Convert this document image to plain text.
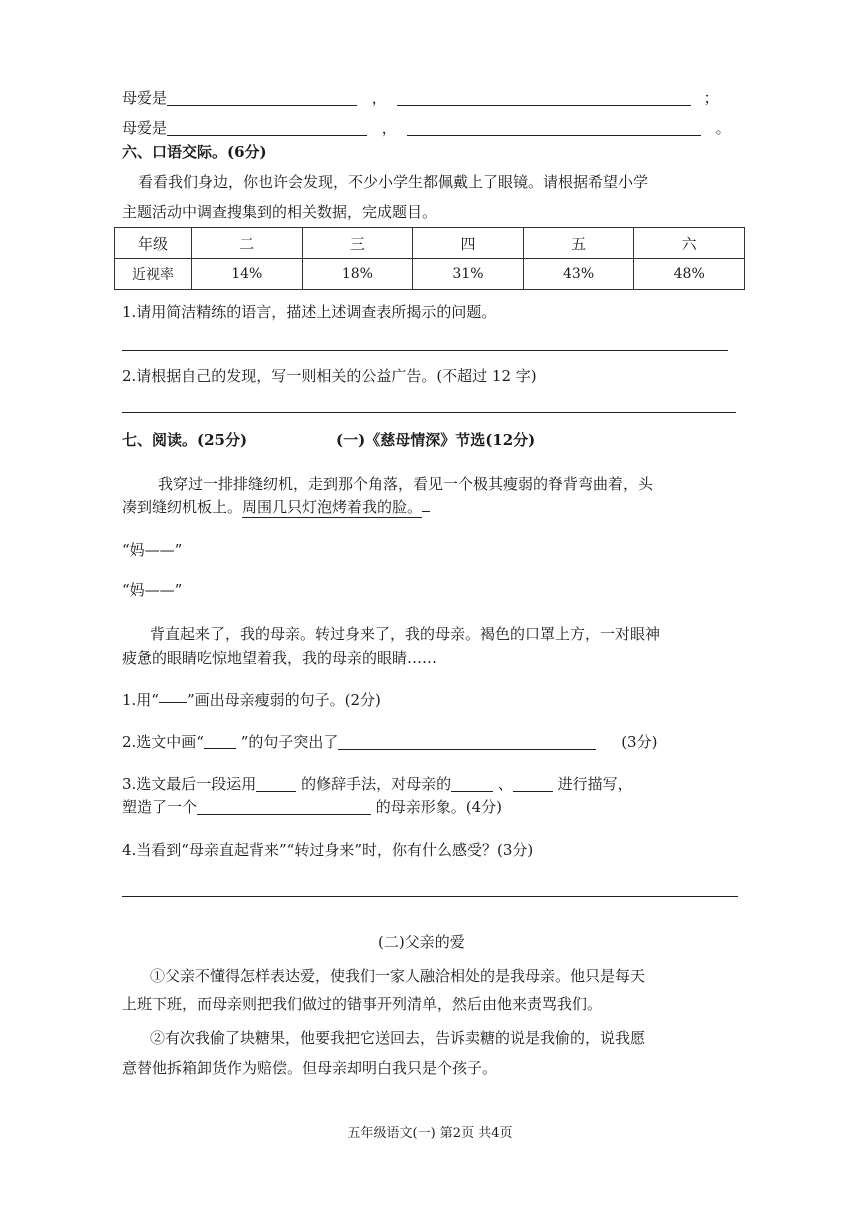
母爱是	，	；
母爱是	，	。
六、口语交际。(6分)
看看我们身边，你也许会发现，不少小学生都佩戴上了眼镜。请根据希望小学
主题活动中调查搜集到的相关数据，完成题目。
年级	二	三	四	五	六
近视率	14%	18%	31%	43%	48%
1.请用简洁精练的语言，描述上述调查表所揭示的问题。
2.请根据自己的发现，写一则相关的公益广告。(不超过 12 字)
七、阅读。(25分)	(一)《慈母情深》节选(12分)
我穿过一排排缝纫机，走到那个角落，看见一个极其瘦弱的脊背弯曲着，头
凑到缝纫机板上。周围几只灯泡烤着我的脸。
“妈——”
“妈——”
背直起来了，我的母亲。转过身来了，我的母亲。褐色的口罩上方，一对眼神
疲惫的眼睛吃惊地望着我，我的母亲的眼睛……
1.用“ ”画出母亲瘦弱的句子。(2分)
2.选文中画“ ”的句子突出了	(3分)
3.选文最后一段运用	的修辞手法，对母亲的	、	进行描写，
塑造了一个	的母亲形象。(4分)
4.当看到“母亲直起背来”“转过身来”时，你有什么感受？(3分)
(二)父亲的爱
①父亲不懂得怎样表达爱，使我们一家人融洽相处的是我母亲。他只是每天
上班下班，而母亲则把我们做过的错事开列清单，然后由他来责骂我们。
②有次我偷了块糖果，他要我把它送回去，告诉卖糖的说是我偷的，说我愿
意替他拆箱卸货作为赔偿。但母亲却明白我只是个孩子。
五年级语文(一) 第2页 共4页
